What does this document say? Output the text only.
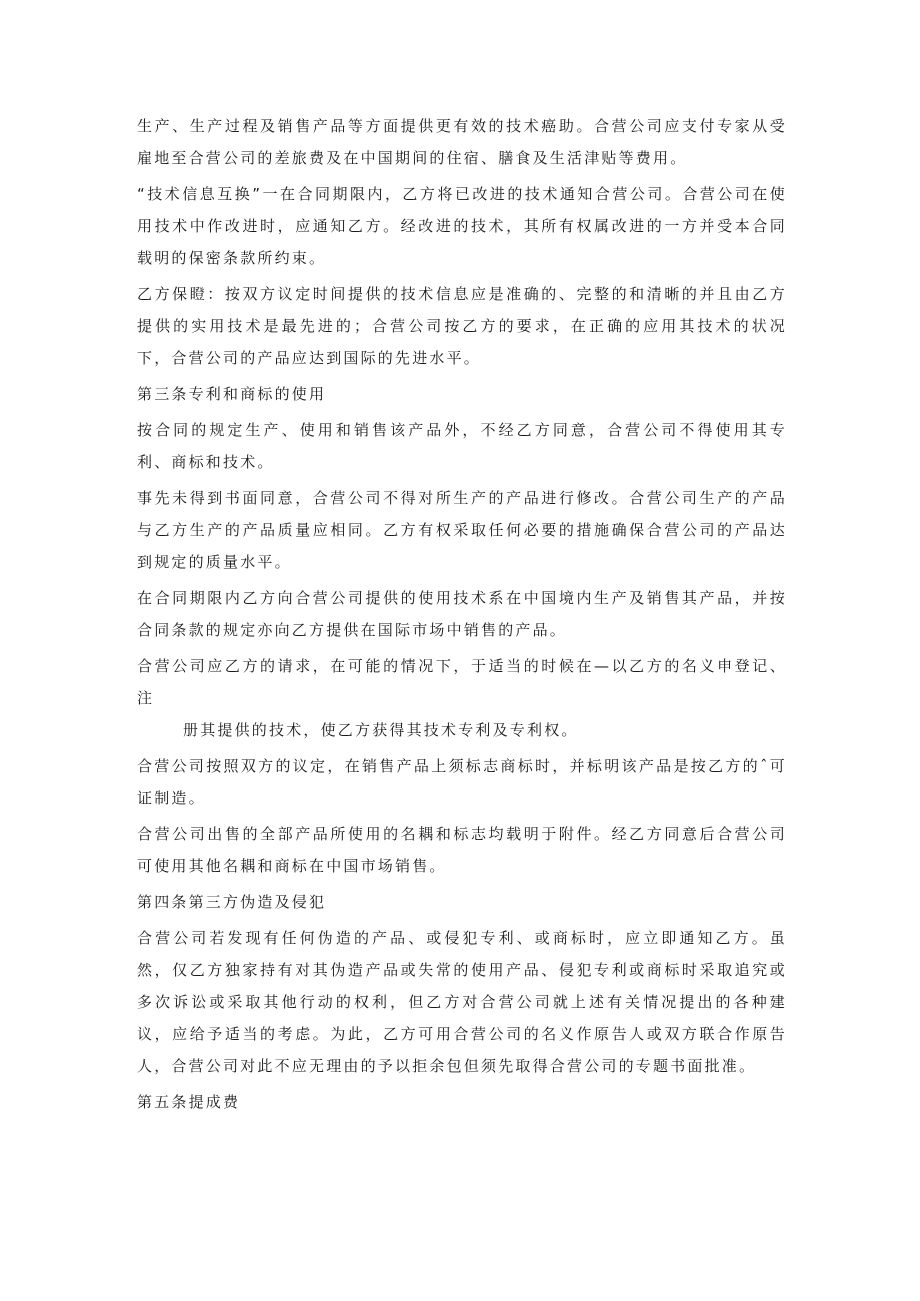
生产、生产过程及销售产品等方面提供更有效的技术癌助。合营公司应支付专家从受雇地至合营公司的差旅费及在中国期间的住宿、膳食及生活津贴等费用。

“技术信息互换”一在合同期限内，乙方将已改进的技术通知合营公司。合营公司在使用技术中作改进时，应通知乙方。经改进的技术，其所有权属改进的一方并受本合同载明的保密条款所约束。

乙方保瞪：按双方议定时间提供的技术信息应是准确的、完整的和清晰的并且由乙方提供的实用技术是最先进的；合营公司按乙方的要求，在正确的应用其技术的状况下，合营公司的产品应达到国际的先进水平。

第三条专利和商标的使用

按合同的规定生产、使用和销售该产品外，不经乙方同意，合营公司不得使用其专利、商标和技术。

事先未得到书面同意，合营公司不得对所生产的产品进行修改。合营公司生产的产品与乙方生产的产品质量应相同。乙方有权采取任何必要的措施确保合营公司的产品达到规定的质量水平。

在合同期限内乙方向合营公司提供的使用技术系在中国境内生产及销售其产品，并按合同条款的规定亦向乙方提供在国际市场中销售的产品。

合营公司应乙方的请求，在可能的情况下，于适当的时候在—以乙方的名义申登记、注
册其提供的技术，使乙方获得其技术专利及专利权。

合营公司按照双方的议定，在销售产品上须标志商标时，并标明该产品是按乙方的ˆ可证制造。

合营公司出售的全部产品所使用的名耦和标志均载明于附件。经乙方同意后合营公司可使用其他名耦和商标在中国市场销售。

第四条第三方伪造及侵犯

合营公司若发现有任何伪造的产品、或侵犯专利、或商标时，应立即通知乙方。虽然，仅乙方独家持有对其伪造产品或失常的使用产品、侵犯专利或商标时采取追究或多次诉讼或采取其他行动的权利，但乙方对合营公司就上述有关情况提出的各种建议，应给予适当的考虑。为此，乙方可用合营公司的名义作原告人或双方联合作原告人，合营公司对此不应无理由的予以拒余包但须先取得合营公司的专题书面批准。

第五条提成费
